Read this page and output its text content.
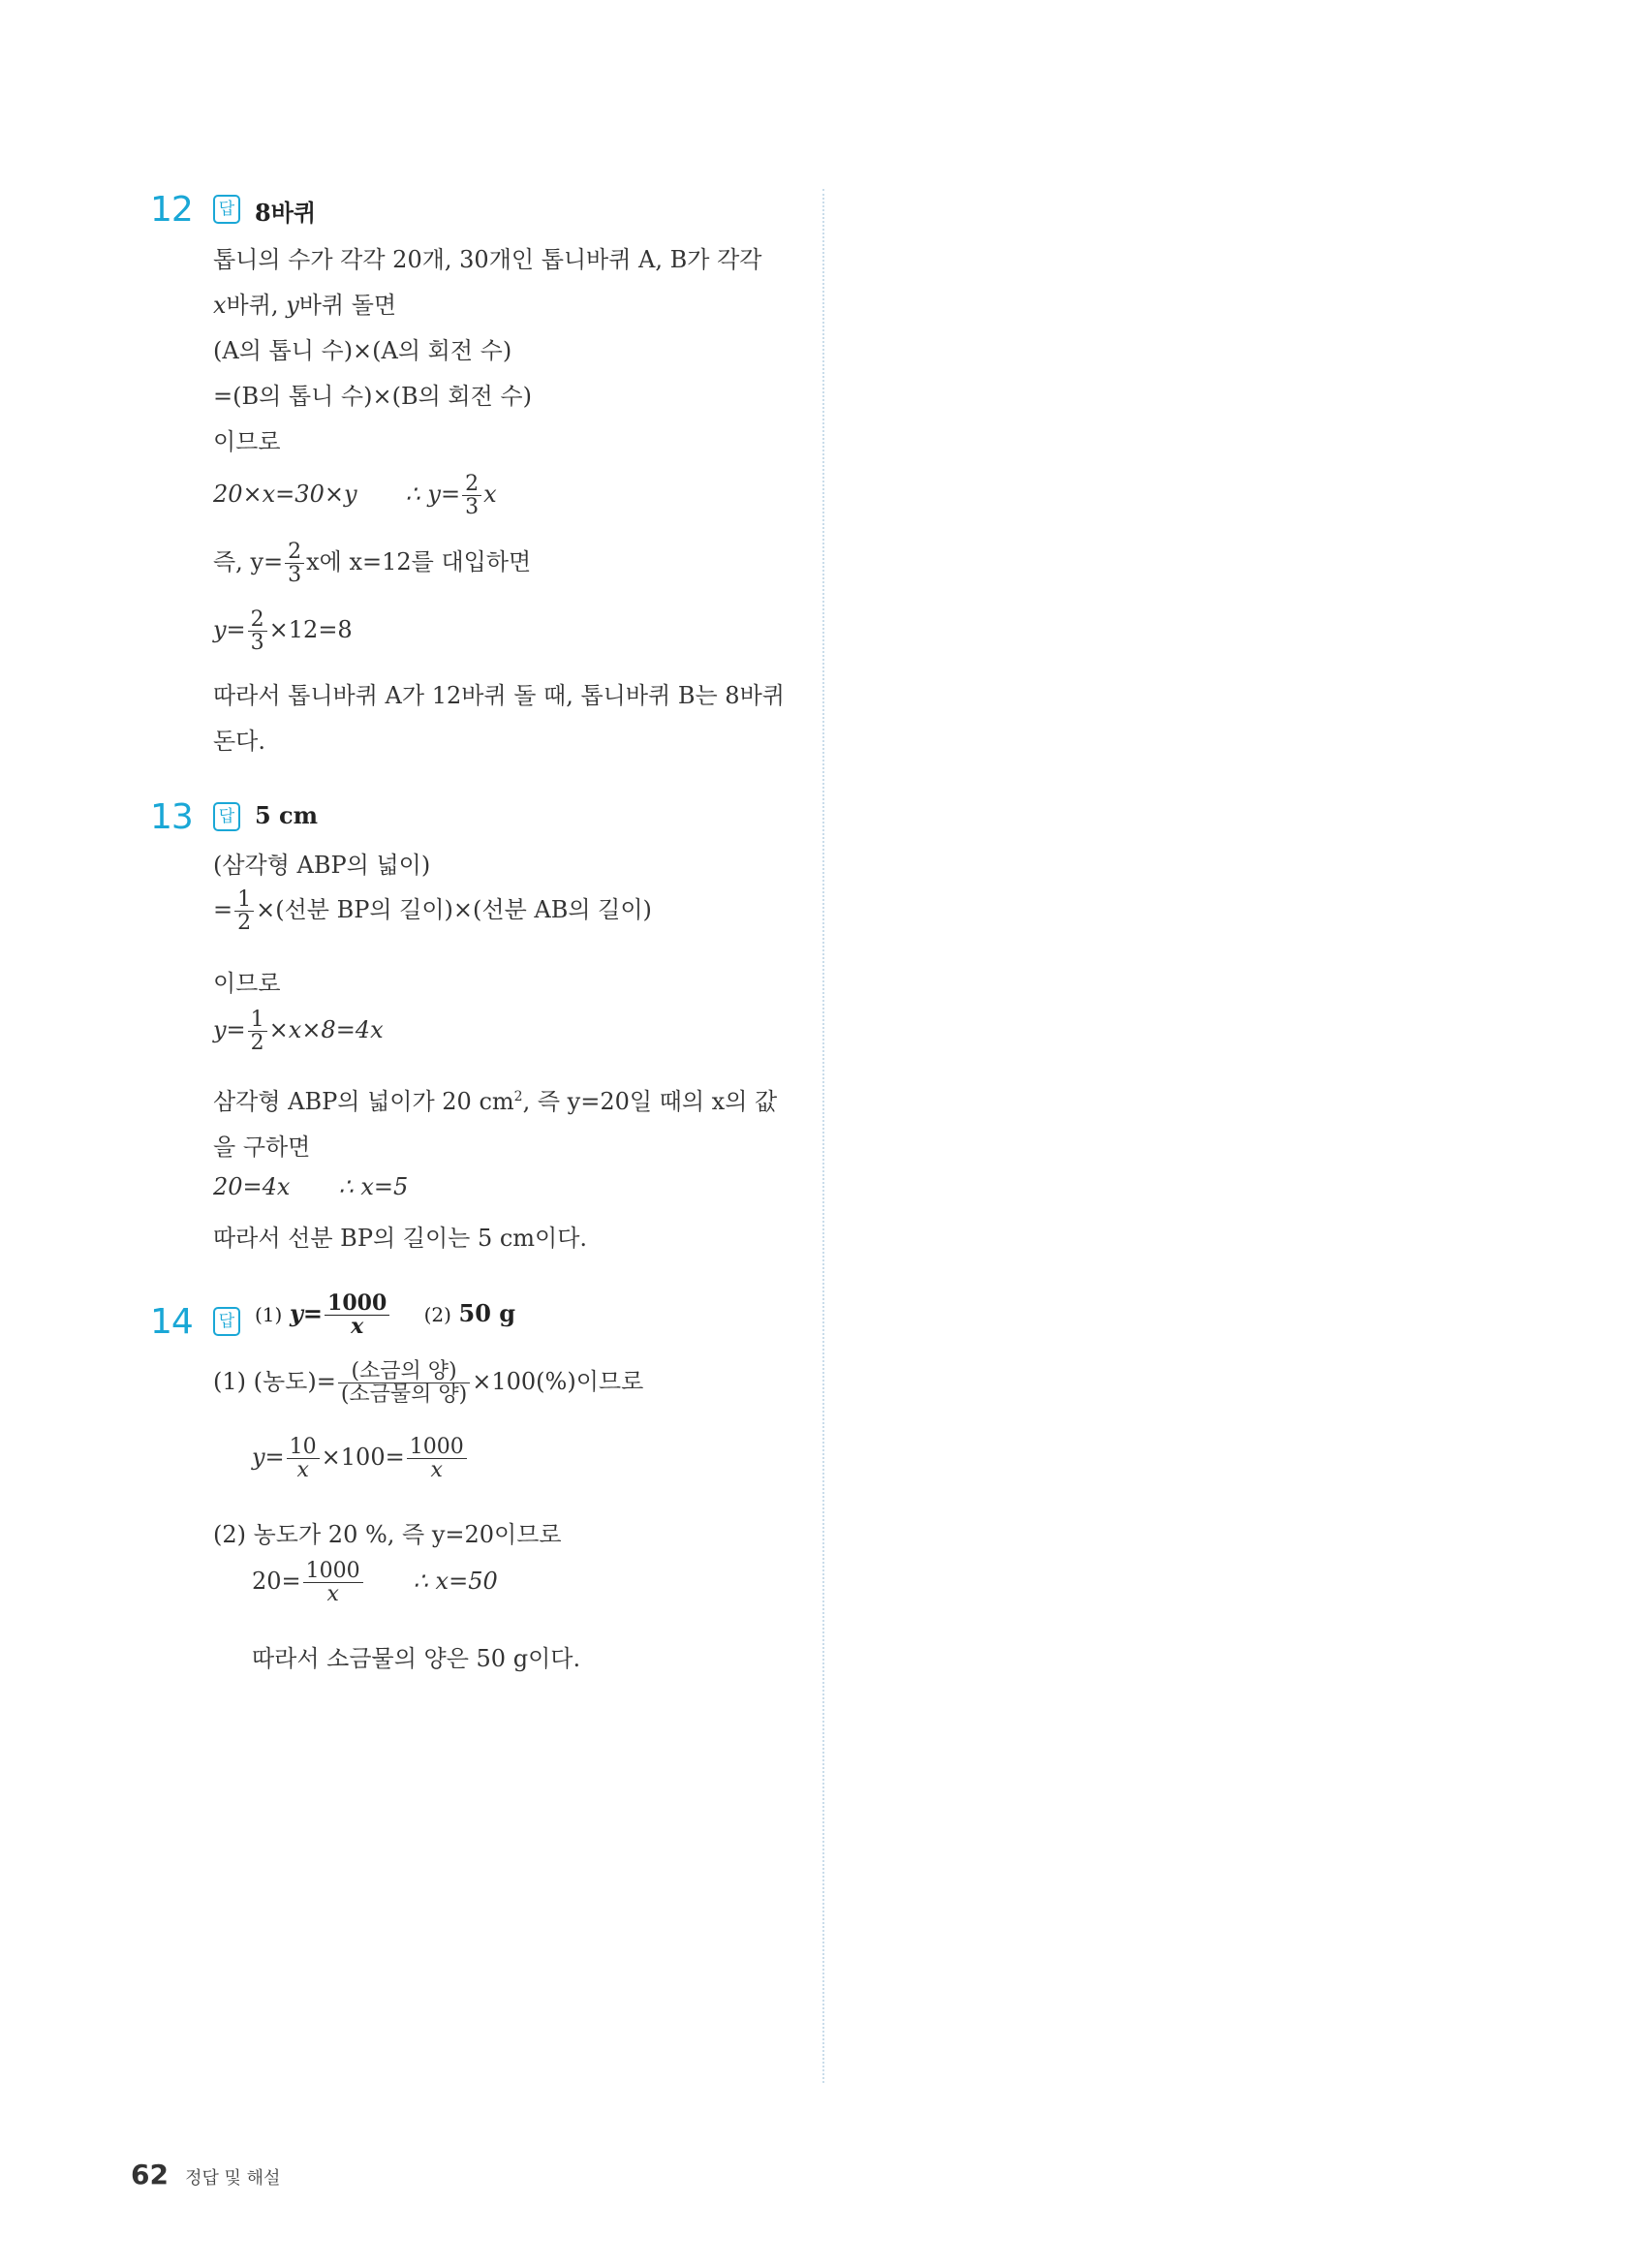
12	답 8바퀴
톱니의 수가 각각 20개, 30개인 톱니바퀴 A, B가 각각
x바퀴, y바퀴 돌면
(A의 톱니 수)×(A의 회전 수)
=(B의 톱니 수)×(B의 회전 수)
이므로
20×x=30×y ∴ $y= \frac{2}{3}$ x
즉, $y= \frac{2}{3}$ x에 x=12를 대입하면
$y= \frac{2}{3} \times 12=8$
따라서 톱니바퀴 A가 12바퀴 돌 때, 톱니바퀴 B는 8바퀴
돈다.
13	답 5 cm
(삼각형 ABP의 넓이)
= $\frac{1}{2}$ ×(선분 BP의 길이)×(선분 AB의 길이)
이므로
$y= \frac{1}{2} \times x\times 8=4x$
삼각형 ABP의 넓이가 20 $cm^2$, 즉 y=20일 때의 x의 값
을 구하면
20=4x ∴ x=5
따라서 선분 BP의 길이는 5 cm이다.
14	답 (1) $y= \frac{1000}{x} (2)$ 50 g
(1) (농도)= $\frac{\text{(소금의 양)}}{\text{(소금물의 양)}} \times 100(\%)$이므로
$y= \frac{10}{x} \times 100= \frac{1000}{x}$
(2) 농도가 20 %, 즉 y=20이므로
$20= \frac{1000}{x}$ ∴ x=50
따라서 소금물의 양은 50 g이다.
62 정답 및 해설
